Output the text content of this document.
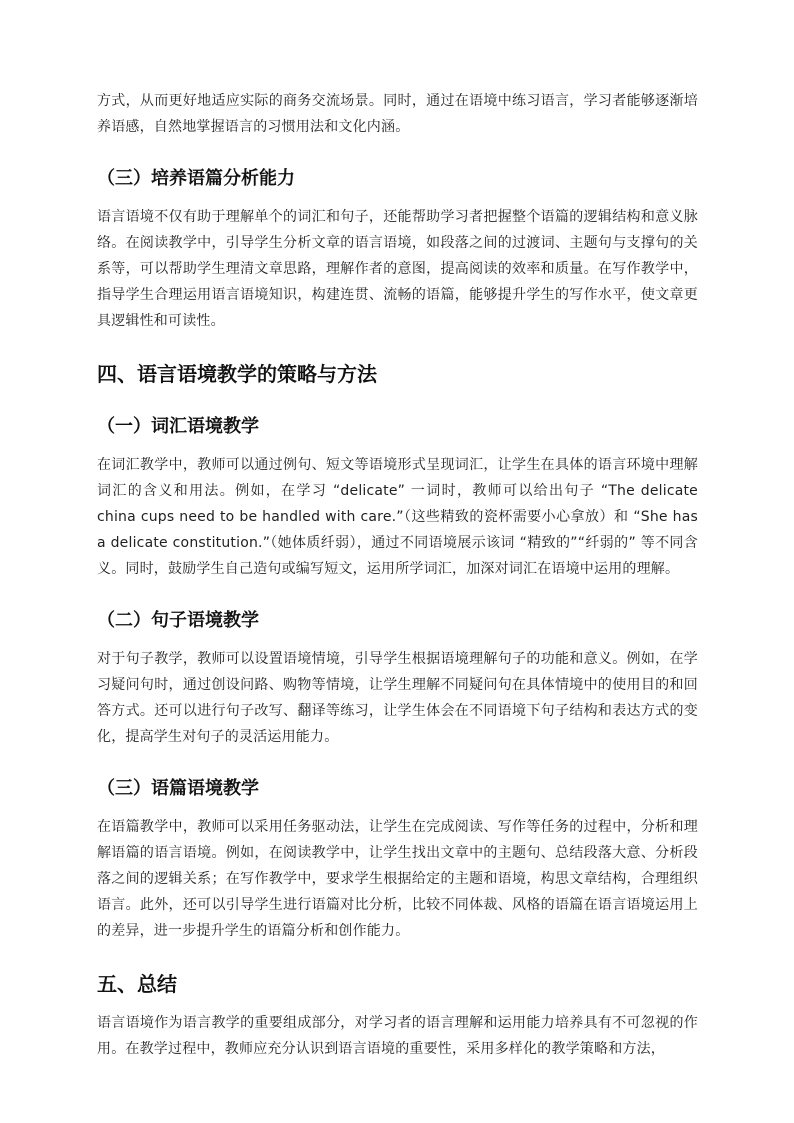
方式，从而更好地适应实际的商务交流场景。同时，通过在语境中练习语言，学习者能够逐渐培养语感，自然地掌握语言的习惯用法和文化内涵。

（三）培养语篇分析能力

语言语境不仅有助于理解单个的词汇和句子，还能帮助学习者把握整个语篇的逻辑结构和意义脉络。在阅读教学中，引导学生分析文章的语言语境，如段落之间的过渡词、主题句与支撑句的关系等，可以帮助学生理清文章思路，理解作者的意图，提高阅读的效率和质量。在写作教学中，指导学生合理运用语言语境知识，构建连贯、流畅的语篇，能够提升学生的写作水平，使文章更具逻辑性和可读性。

四、语言语境教学的策略与方法
（一）词汇语境教学

在词汇教学中，教师可以通过例句、短文等语境形式呈现词汇，让学生在具体的语言环境中理解词汇的含义和用法。例如，在学习 “delicate” 一词时，教师可以给出句子 “The delicate china cups need to be handled with care.”（这些精致的瓷杯需要小心拿放）和 “She has a delicate constitution.”（她体质纤弱），通过不同语境展示该词 “精致的”“纤弱的” 等不同含义。同时，鼓励学生自己造句或编写短文，运用所学词汇，加深对词汇在语境中运用的理解。

（二）句子语境教学

对于句子教学，教师可以设置语境情境，引导学生根据语境理解句子的功能和意义。例如，在学习疑问句时，通过创设问路、购物等情境，让学生理解不同疑问句在具体情境中的使用目的和回答方式。还可以进行句子改写、翻译等练习，让学生体会在不同语境下句子结构和表达方式的变化，提高学生对句子的灵活运用能力。

（三）语篇语境教学

在语篇教学中，教师可以采用任务驱动法，让学生在完成阅读、写作等任务的过程中，分析和理解语篇的语言语境。例如，在阅读教学中，让学生找出文章中的主题句、总结段落大意、分析段落之间的逻辑关系；在写作教学中，要求学生根据给定的主题和语境，构思文章结构，合理组织语言。此外，还可以引导学生进行语篇对比分析，比较不同体裁、风格的语篇在语言语境运用上的差异，进一步提升学生的语篇分析和创作能力。

五、总结

语言语境作为语言教学的重要组成部分，对学习者的语言理解和运用能力培养具有不可忽视的作用。在教学过程中，教师应充分认识到语言语境的重要性，采用多样化的教学策略和方法，
